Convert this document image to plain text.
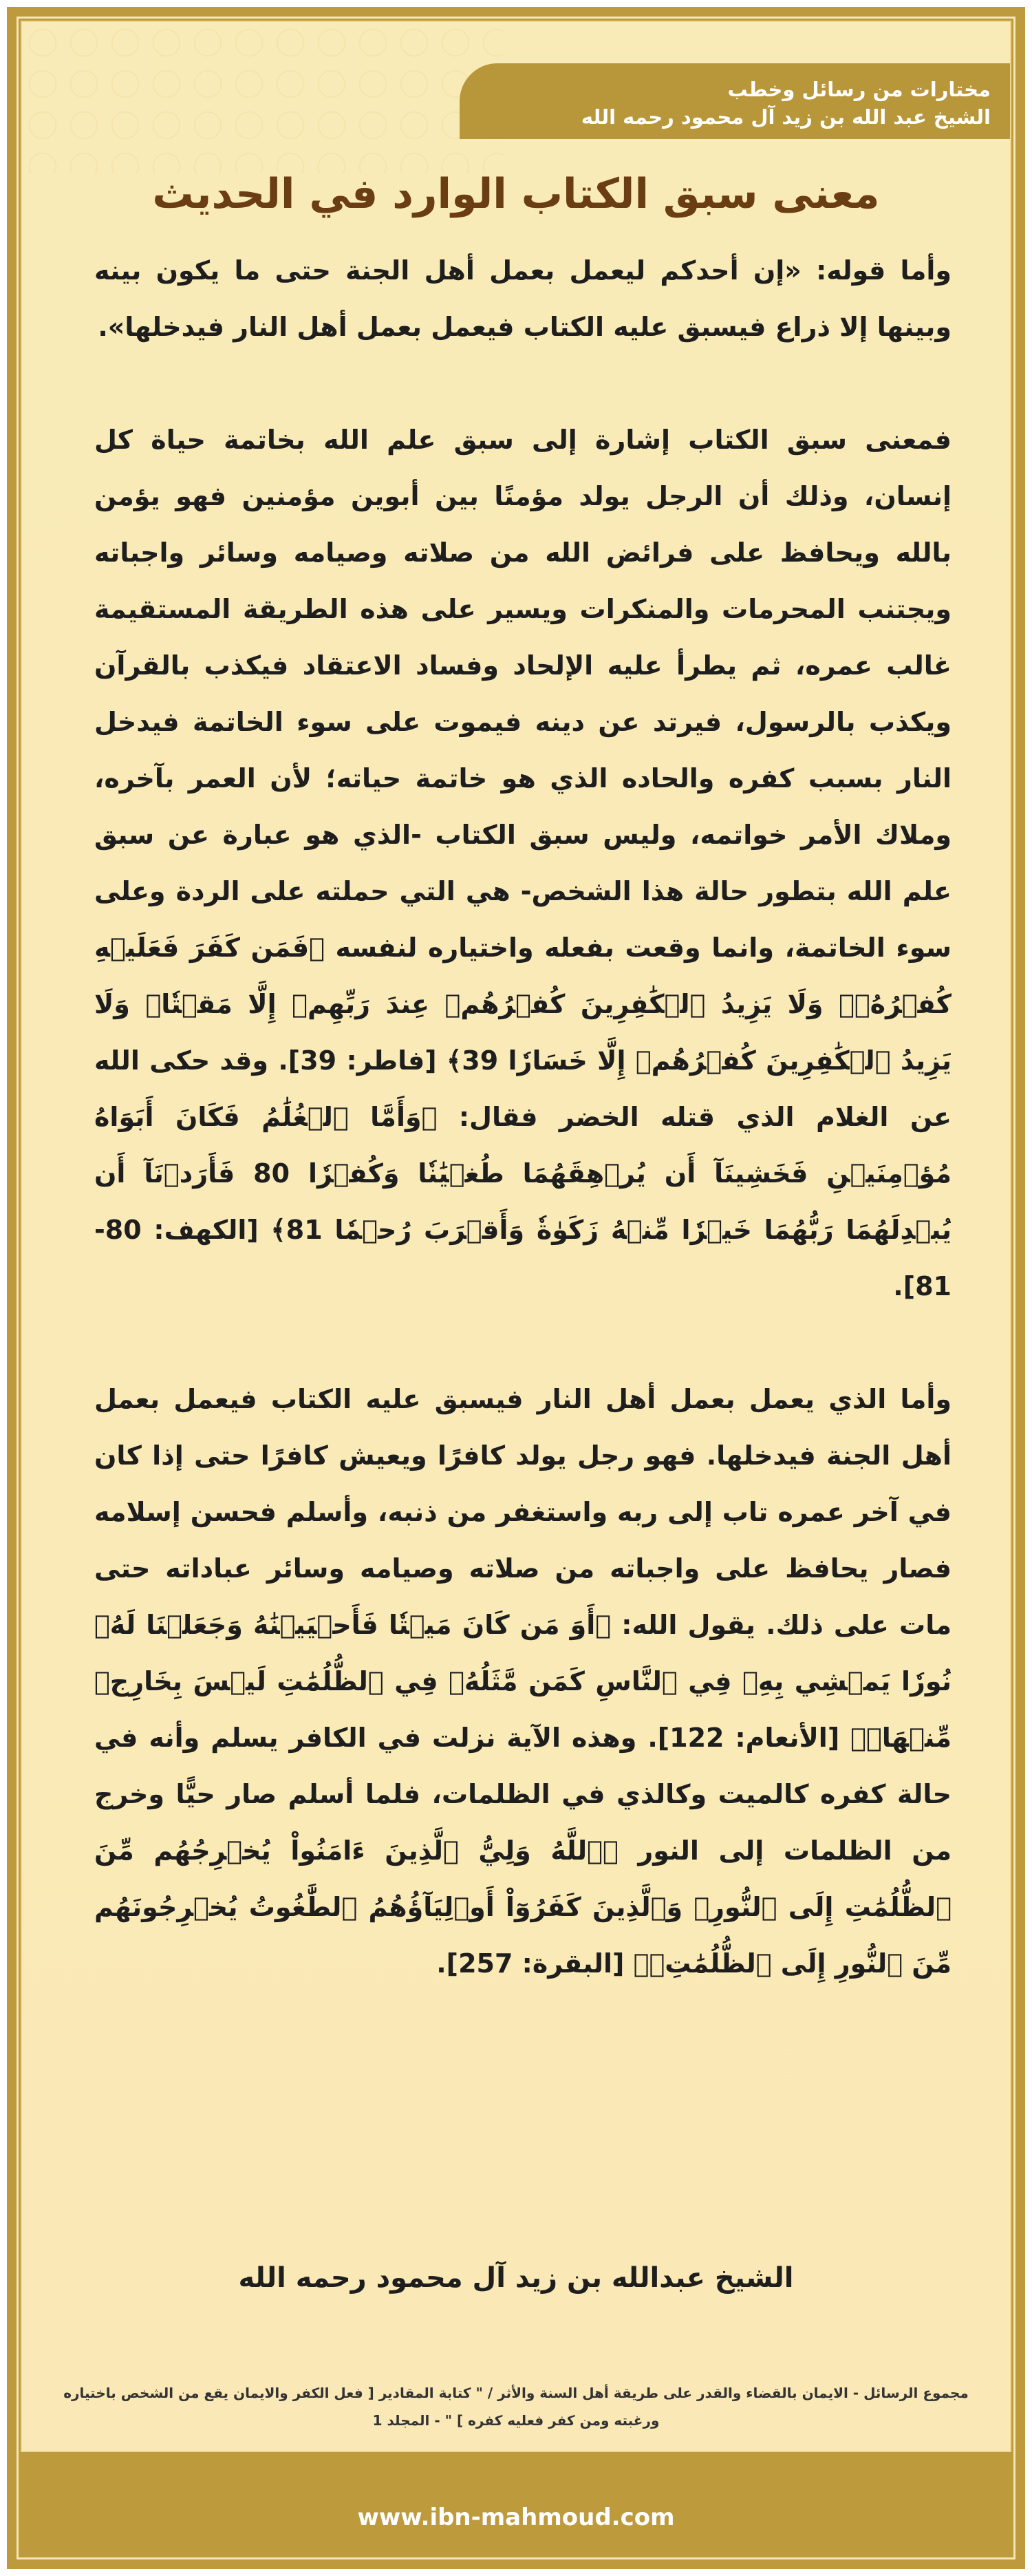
مختارات من رسائل وخطب
الشيخ عبد الله بن زيد آل محمود رحمه الله
معنى سبق الكتاب الوارد في الحديث

وأما قوله: «إن أحدكم ليعمل بعمل أهل الجنة حتى ما يكون بينه وبينها إلا ذراع فيسبق عليه الكتاب فيعمل بعمل أهل النار فيدخلها».

فمعنى سبق الكتاب إشارة إلى سبق علم الله بخاتمة حياة كل إنسان، وذلك أن الرجل يولد مؤمنًا بين أبوين مؤمنين فهو يؤمن بالله ويحافظ على فرائض الله من صلاته وصيامه وسائر واجباته ويجتنب المحرمات والمنكرات ويسير على هذه الطريقة المستقيمة غالب عمره، ثم يطرأ عليه الإلحاد وفساد الاعتقاد فيكذب بالقرآن ويكذب بالرسول، فيرتد عن دينه فيموت على سوء الخاتمة فيدخل النار بسبب كفره والحاده الذي هو خاتمة حياته؛ لأن العمر بآخره، وملاك الأمر خواتمه، وليس سبق الكتاب -الذي هو عبارة عن سبق علم الله بتطور حالة هذا الشخص- هي التي حملته على الردة وعلى سوء الخاتمة، وانما وقعت بفعله واختياره لنفسه ﴿فَمَن كَفَرَ فَعَلَيۡهِ كُفۡرُهُۥۖ وَلَا يَزِيدُ ٱلۡكَٰفِرِينَ كُفۡرُهُمۡ عِندَ رَبِّهِمۡ إِلَّا مَقۡتٗاۖ وَلَا يَزِيدُ ٱلۡكَٰفِرِينَ كُفۡرُهُمۡ إِلَّا خَسَارٗا 39﴾ [فاطر: 39]. وقد حكى الله عن الغلام الذي قتله الخضر فقال: ﴿وَأَمَّا ٱلۡغُلَٰمُ فَكَانَ أَبَوَاهُ مُؤۡمِنَيۡنِ فَخَشِينَآ أَن يُرۡهِقَهُمَا طُغۡيَٰنٗا وَكُفۡرٗا 80 فَأَرَدۡنَآ أَن يُبۡدِلَهُمَا رَبُّهُمَا خَيۡرٗا مِّنۡهُ زَكَوٰةٗ وَأَقۡرَبَ رُحۡمٗا 81﴾ [الكهف: 80-81].

وأما الذي يعمل بعمل أهل النار فيسبق عليه الكتاب فيعمل بعمل أهل الجنة فيدخلها. فهو رجل يولد كافرًا ويعيش كافرًا حتى إذا كان في آخر عمره تاب إلى ربه واستغفر من ذنبه، وأسلم فحسن إسلامه فصار يحافظ على واجباته من صلاته وصيامه وسائر عباداته حتى مات على ذلك. يقول الله: ﴿أَوَ مَن كَانَ مَيۡتٗا فَأَحۡيَيۡنَٰهُ وَجَعَلۡنَا لَهُۥ نُورٗا يَمۡشِي بِهِۦ فِي ٱلنَّاسِ كَمَن مَّثَلُهُۥ فِي ٱلظُّلُمَٰتِ لَيۡسَ بِخَارِجٖ مِّنۡهَاۚ﴾ [الأنعام: 122]. وهذه الآية نزلت في الكافر يسلم وأنه في حالة كفره كالميت وكالذي في الظلمات، فلما أسلم صار حيًّا وخرج من الظلمات إلى النور ﴿ٱللَّهُ وَلِيُّ ٱلَّذِينَ ءَامَنُواْ يُخۡرِجُهُم مِّنَ ٱلظُّلُمَٰتِ إِلَى ٱلنُّورِۖ وَٱلَّذِينَ كَفَرُوٓاْ أَوۡلِيَآؤُهُمُ ٱلطَّٰغُوتُ يُخۡرِجُونَهُم مِّنَ ٱلنُّورِ إِلَى ٱلظُّلُمَٰتِۗ﴾ [البقرة: 257].

الشيخ عبدالله بن زيد آل محمود رحمه الله
مجموع الرسائل - الايمان بالقضاء والقدر على طريقة أهل السنة والأثر / " كتابة المقادير [ فعل الكفر والايمان يقع من الشخص باختياره ورغبته ومن كفر فعليه كفره ] " - المجلد 1
www.ibn-mahmoud.com
